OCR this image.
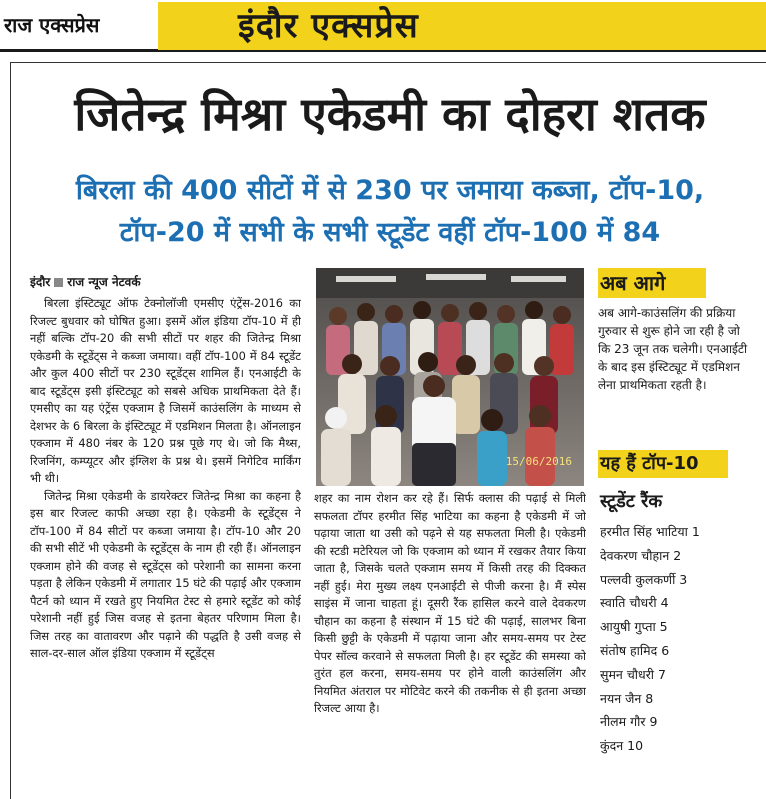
राज एक्सप्रेस	इंदौर एक्सप्रेस
जितेन्द्र मिश्रा एकेडमी का दोहरा शतक
बिरला की 400 सीटों में से 230 पर जमाया कब्जा, टॉप-10, टॉप-20 में सभी के सभी स्टूडेंट वहीं टॉप-100 में 84
इंदौर राज न्यूज नेटवर्क

बिरला इंस्टिट्यूट ऑफ टेक्नोलॉजी एमसीए एंट्रेंस-2016 का रिजल्ट बुधवार को घोषित हुआ। इसमें ऑल इंडिया टॉप-10 में ही नहीं बल्कि टॉप-20 की सभी सीटों पर शहर की जितेन्द्र मिश्रा एकेडमी के स्टूडेंट्स ने कब्जा जमाया। वहीं टॉप-100 में 84 स्टूडेंट और कुल 400 सीटों पर 230 स्टूडेंट्स शामिल हैं। एनआईटी के बाद स्टूडेंट्स इसी इंस्टिट्यूट को सबसे अधिक प्राथमिकता देते हैं। एमसीए का यह एंट्रेंस एक्जाम है जिसमें काउंसलिंग के माध्यम से देशभर के 6 बिरला के इंस्टिट्यूट में एडमिशन मिलता है। ऑनलाइन एक्जाम में 480 नंबर के 120 प्रश्न पूछे गए थे। जो कि मैथ्स, रिजनिंग, कम्प्यूटर और इंग्लिश के प्रश्न थे। इसमें निगेटिव मार्किंग भी थी।

जितेन्द्र मिश्रा एकेडमी के डायरेक्टर जितेन्द्र मिश्रा का कहना है इस बार रिजल्ट काफी अच्छा रहा है। एकेडमी के स्टूडेंट्स ने टॉप-100 में 84 सीटों पर कब्जा जमाया है। टॉप-10 और 20 की सभी सीटें भी एकेडमी के स्टूडेंट्स के नाम ही रही हैं। ऑनलाइन एक्जाम होने की वजह से स्टूडेंट्स को परेशानी का सामना करना पड़ता है लेकिन एकेडमी में लगातार 15 घंटे की पढ़ाई और एक्जाम पैटर्न को ध्यान में रखते हुए नियमित टेस्ट से हमारे स्टूडेंट को कोई परेशानी नहीं हुई जिस वजह से इतना बेहतर परिणाम मिला है। जिस तरह का वातावरण और पढ़ाने की पद्धति है उसी वजह से साल-दर-साल ऑल इंडिया एक्जाम में स्टूडेंट्स

15/06/2016

शहर का नाम रोशन कर रहे हैं। सिर्फ क्लास की पढ़ाई से मिली सफलता टॉपर हरमीत सिंह भाटिया का कहना है एकेडमी में जो पढ़ाया जाता था उसी को पढ़ने से यह सफलता मिली है। एकेडमी की स्टडी मटेरियल जो कि एक्जाम को ध्यान में रखकर तैयार किया जाता है, जिसके चलते एक्जाम समय में किसी तरह की दिक्कत नहीं हुई। मेरा मुख्य लक्ष्य एनआईटी से पीजी करना है। मैं स्पेस साइंस में जाना चाहता हूं। दूसरी रैंक हासिल करने वाले देवकरण चौहान का कहना है संस्थान में 15 घंटे की पढ़ाई, सालभर बिना किसी छुट्टी के एकेडमी में पढ़ाया जाना और समय-समय पर टेस्ट पेपर सॉल्व करवाने से सफलता मिली है। हर स्टूडेंट की समस्या को तुरंत हल करना, समय-समय पर होने वाली काउंसलिंग और नियमित अंतराल पर मोटिवेट करने की तकनीक से ही इतना अच्छा रिजल्ट आया है।

अब आगे
अब आगे-काउंसलिंग की प्रक्रिया गुरुवार से शुरू होने जा रही है जो कि 23 जून तक चलेगी। एनआईटी के बाद इस इंस्टिट्यूट में एडमिशन लेना प्राथमिकता रहती है।
यह हैं टॉप-10
स्टूडेंट रैंक
हरमीत सिंह भाटिया 1
देवकरण चौहान 2
पल्लवी कुलकर्णी 3
स्वाति चौधरी 4
आयुषी गुप्ता 5
संतोष हामिद 6
सुमन चौधरी 7
नयन जैन 8
नीलम गौर 9
कुंदन 10
